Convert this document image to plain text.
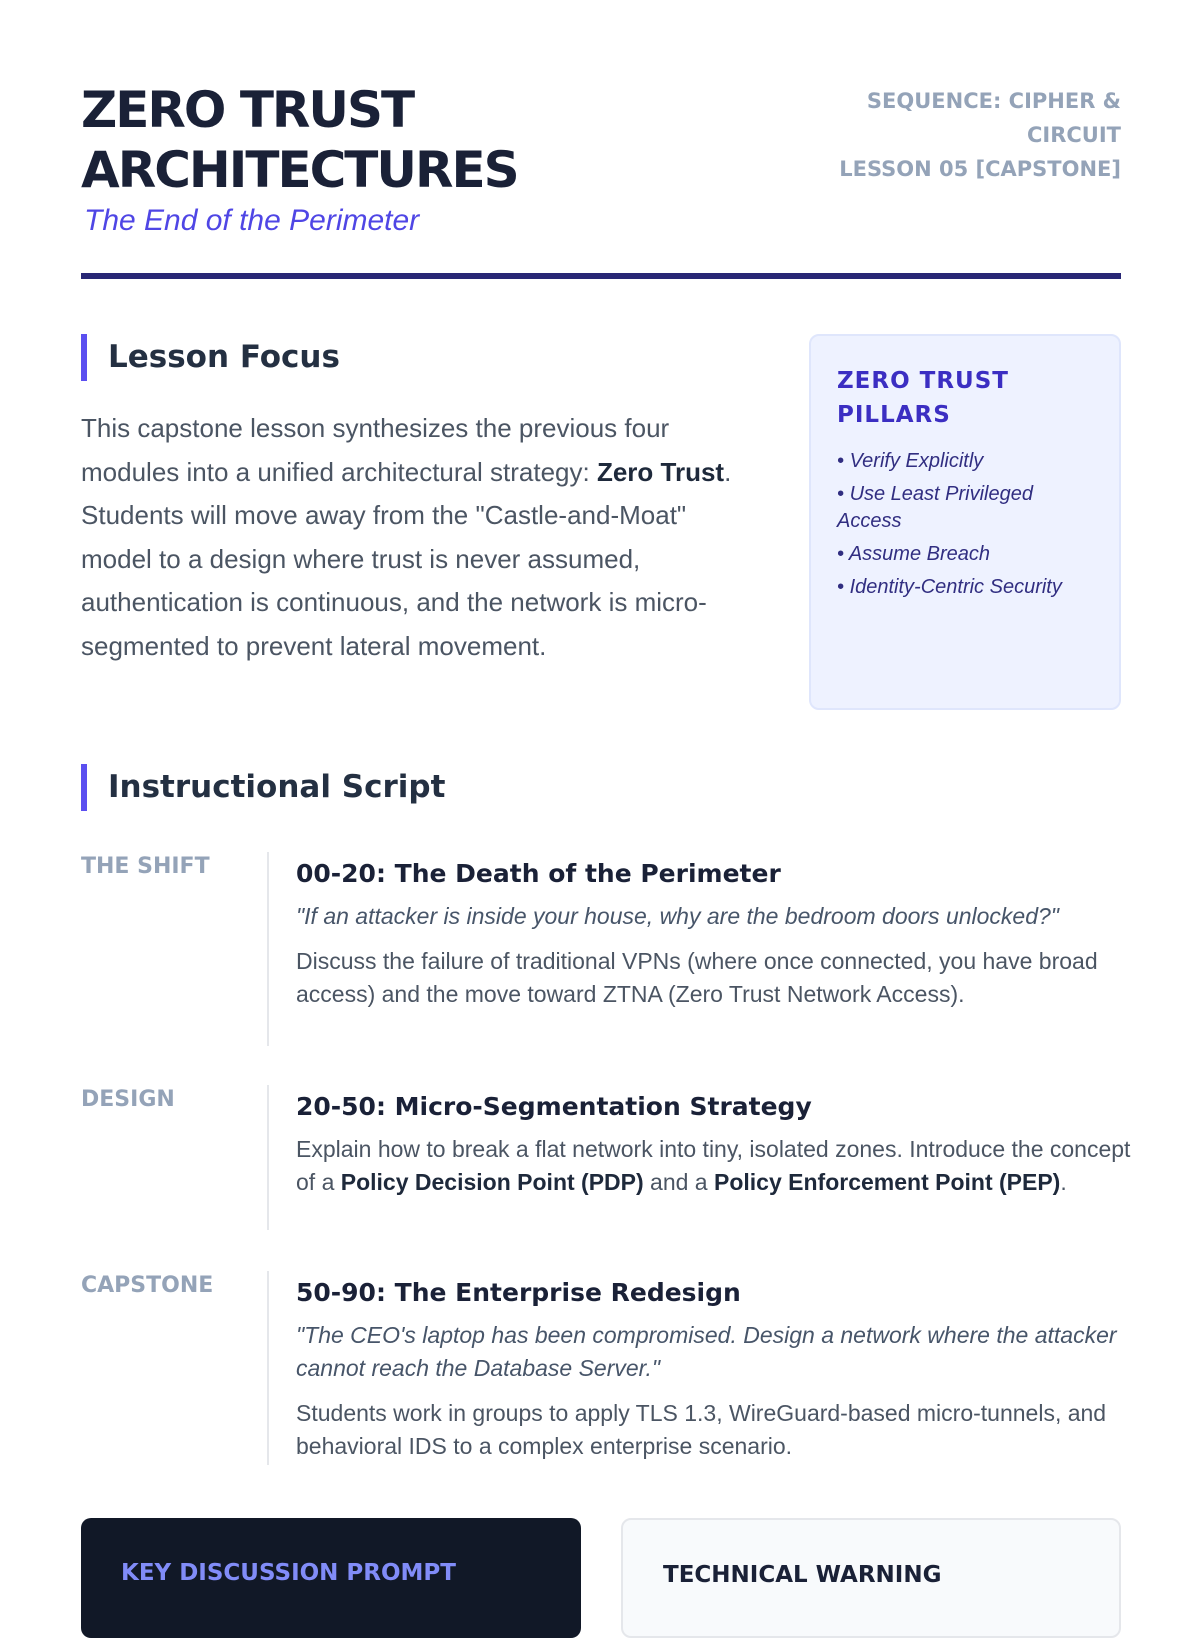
ZERO TRUST ARCHITECTURES
The End of the Perimeter
SEQUENCE: CIPHER & CIRCUIT
LESSON 05 [CAPSTONE]
Lesson Focus

This capstone lesson synthesizes the previous four modules into a unified architectural strategy: Zero Trust. Students will move away from the "Castle-and-Moat" model to a design where trust is never assumed, authentication is continuous, and the network is micro-segmented to prevent lateral movement.

ZERO TRUST PILLARS
• Verify Explicitly
• Use Least Privileged Access
• Assume Breach
• Identity-Centric Security
Instructional Script
THE SHIFT	00-20: The Death of the Perimeter

"If an attacker is inside your house, why are the bedroom doors unlocked?"

Discuss the failure of traditional VPNs (where once connected, you have broad access) and the move toward ZTNA (Zero Trust Network Access).

DESIGN	20-50: Micro-Segmentation Strategy

Explain how to break a flat network into tiny, isolated zones. Introduce the concept of a Policy Decision Point (PDP) and a Policy Enforcement Point (PEP).

CAPSTONE	50-90: The Enterprise Redesign

"The CEO's laptop has been compromised. Design a network where the attacker cannot reach the Database Server."

Students work in groups to apply TLS 1.3, WireGuard-based micro-tunnels, and behavioral IDS to a complex enterprise scenario.

KEY DISCUSSION PROMPT	TECHNICAL WARNING
